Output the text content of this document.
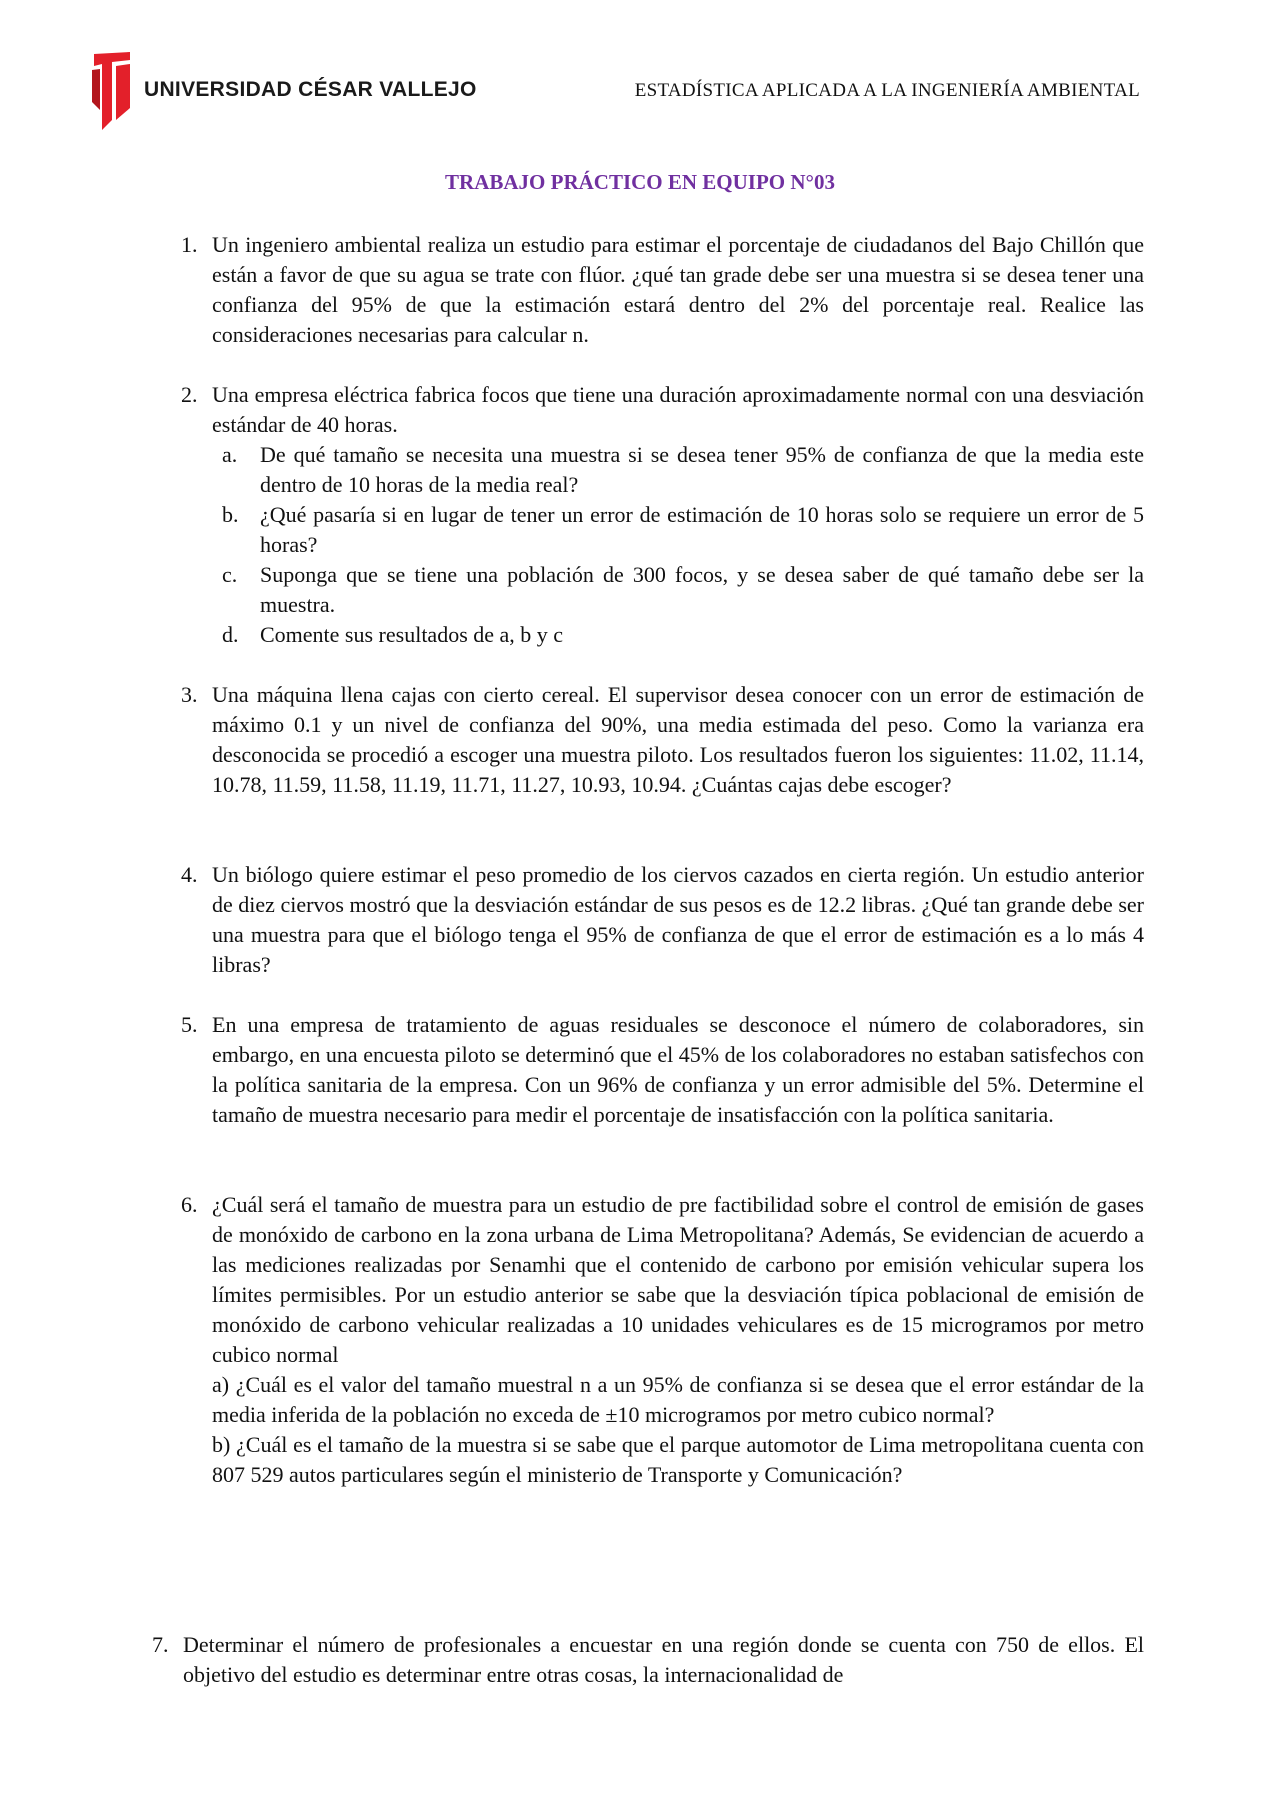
UNIVERSIDAD CÉSAR VALLEJO	ESTADÍSTICA APLICADA A LA INGENIERÍA AMBIENTAL
TRABAJO PRÁCTICO EN EQUIPO N°03
1. Un ingeniero ambiental realiza un estudio para estimar el porcentaje de ciudadanos del Bajo Chillón que están a favor de que su agua se trate con flúor. ¿qué tan grade debe ser una muestra si se desea tener una confianza del 95% de que la estimación estará dentro del 2% del porcentaje real. Realice las consideraciones necesarias para calcular n.

2. Una empresa eléctrica fabrica focos que tiene una duración aproximadamente normal con una desviación estándar de 40 horas.

a. De qué tamaño se necesita una muestra si se desea tener 95% de confianza de que la media este dentro de 10 horas de la media real?

b. ¿Qué pasaría si en lugar de tener un error de estimación de 10 horas solo se requiere un error de 5 horas?

c. Suponga que se tiene una población de 300 focos, y se desea saber de qué tamaño debe ser la muestra.

d. Comente sus resultados de a, b y c

3. Una máquina llena cajas con cierto cereal. El supervisor desea conocer con un error de estimación de máximo 0.1 y un nivel de confianza del 90%, una media estimada del peso. Como la varianza era desconocida se procedió a escoger una muestra piloto. Los resultados fueron los siguientes: 11.02, 11.14, 10.78, 11.59, 11.58, 11.19, 11.71, 11.27, 10.93, 10.94. ¿Cuántas cajas debe escoger?

4. Un biólogo quiere estimar el peso promedio de los ciervos cazados en cierta región. Un estudio anterior de diez ciervos mostró que la desviación estándar de sus pesos es de 12.2 libras. ¿Qué tan grande debe ser una muestra para que el biólogo tenga el 95% de confianza de que el error de estimación es a lo más 4 libras?

5. En una empresa de tratamiento de aguas residuales se desconoce el número de colaboradores, sin embargo, en una encuesta piloto se determinó que el 45% de los colaboradores no estaban satisfechos con la política sanitaria de la empresa. Con un 96% de confianza y un error admisible del 5%. Determine el tamaño de muestra necesario para medir el porcentaje de insatisfacción con la política sanitaria.

6. ¿Cuál será el tamaño de muestra para un estudio de pre factibilidad sobre el control de emisión de gases de monóxido de carbono en la zona urbana de Lima Metropolitana? Además, Se evidencian de acuerdo a las mediciones realizadas por Senamhi que el contenido de carbono por emisión vehicular supera los límites permisibles. Por un estudio anterior se sabe que la desviación típica poblacional de emisión de monóxido de carbono vehicular realizadas a 10 unidades vehiculares es de 15 microgramos por metro cubico normal

a) ¿Cuál es el valor del tamaño muestral n a un 95% de confianza si se desea que el error estándar de la media inferida de la población no exceda de ±10 microgramos por metro cubico normal?

b) ¿Cuál es el tamaño de la muestra si se sabe que el parque automotor de Lima metropolitana cuenta con 807 529 autos particulares según el ministerio de Transporte y Comunicación?

7. Determinar el número de profesionales a encuestar en una región donde se cuenta con 750 de ellos. El objetivo del estudio es determinar entre otras cosas, la internacionalidad de
